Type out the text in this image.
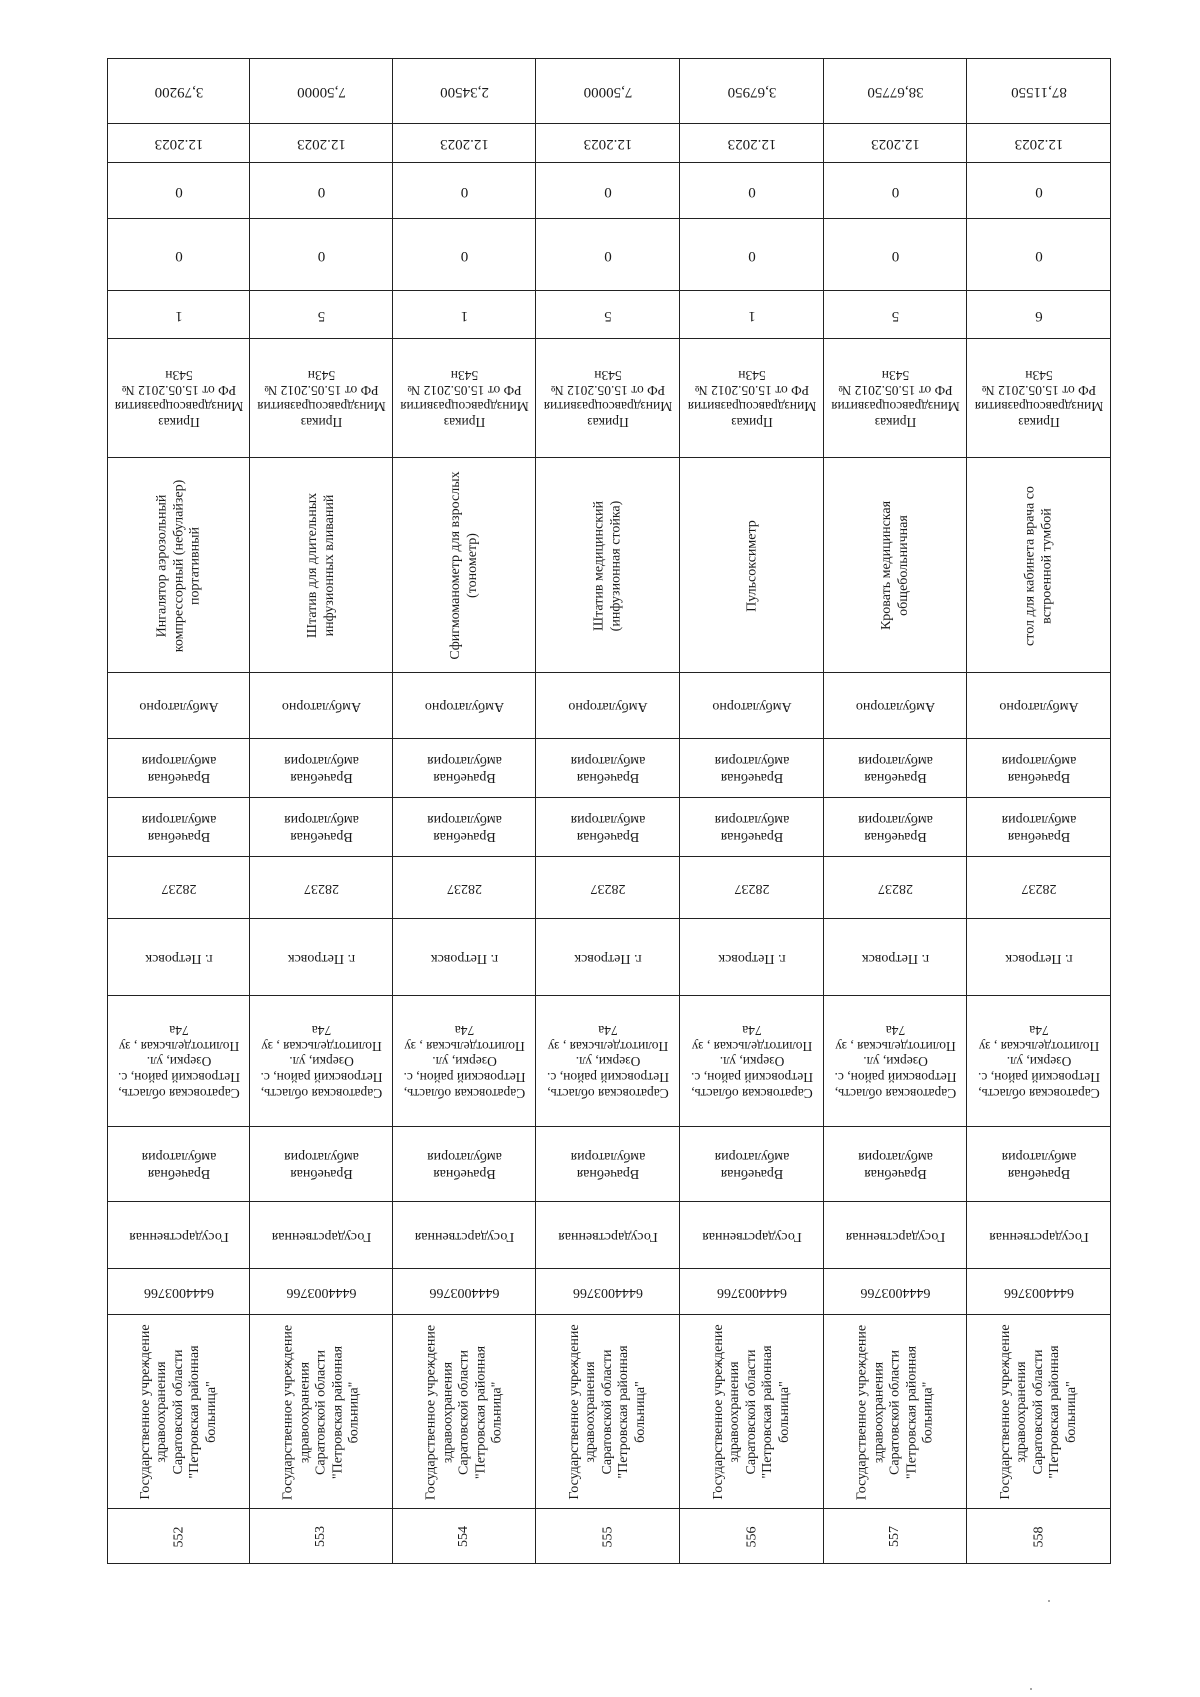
3,79200
12.2023
0
0
1
Приказ Минздравсоцразвития РФ от 15.05.2012 № 543н
Ингалятор аэрозольный компрессорный (небулайзер) портативный
Амбулаторно
Врачебная амбулатория
Врачебная амбулатория
28237
г. Петровск
Саратовская область, Петровский район, с. Озерки, ул. Политотдельская , зу 74а
Врачебная амбулатория
Государственная
6444003766
Государственное учреждение здравоохранения Саратовской области "Петровская районная больница"
552
7,50000
12.2023
0
0
5
Приказ Минздравсоцразвития РФ от 15.05.2012 № 543н
Штатив для длительных инфузионных вливаний
Амбулаторно
Врачебная амбулатория
Врачебная амбулатория
28237
г. Петровск
Саратовская область, Петровский район, с. Озерки, ул. Политотдельская , зу 74а
Врачебная амбулатория
Государственная
6444003766
Государственное учреждение здравоохранения Саратовской области "Петровская районная больница"
553
2,34500
12.2023
0
0
1
Приказ Минздравсоцразвития РФ от 15.05.2012 № 543н
Сфигмоманометр для взрослых (тонометр)
Амбулаторно
Врачебная амбулатория
Врачебная амбулатория
28237
г. Петровск
Саратовская область, Петровский район, с. Озерки, ул. Политотдельская , зу 74а
Врачебная амбулатория
Государственная
6444003766
Государственное учреждение здравоохранения Саратовской области "Петровская районная больница"
554
7,50000
12.2023
0
0
5
Приказ Минздравсоцразвития РФ от 15.05.2012 № 543н
Штатив медицинский (инфузионная стойка)
Амбулаторно
Врачебная амбулатория
Врачебная амбулатория
28237
г. Петровск
Саратовская область, Петровский район, с. Озерки, ул. Политотдельская , зу 74а
Врачебная амбулатория
Государственная
6444003766
Государственное учреждение здравоохранения Саратовской области "Петровская районная больница"
555
3,67950
12.2023
0
0
1
Приказ Минздравсоцразвития РФ от 15.05.2012 № 543н
Пульсоксиметр
Амбулаторно
Врачебная амбулатория
Врачебная амбулатория
28237
г. Петровск
Саратовская область, Петровский район, с. Озерки, ул. Политотдельская , зу 74а
Врачебная амбулатория
Государственная
6444003766
Государственное учреждение здравоохранения Саратовской области "Петровская районная больница"
556
38,67750
12.2023
0
0
5
Приказ Минздравсоцразвития РФ от 15.05.2012 № 543н
Кровать медицинская общебольничная
Амбулаторно
Врачебная амбулатория
Врачебная амбулатория
28237
г. Петровск
Саратовская область, Петровский район, с. Озерки, ул. Политотдельская , зу 74а
Врачебная амбулатория
Государственная
6444003766
Государственное учреждение здравоохранения Саратовской области "Петровская районная больница"
557
87,11550
12.2023
0
0
6
Приказ Минздравсоцразвития РФ от 15.05.2012 № 543н
стол для кабинета врача со встроенной тумбой
Амбулаторно
Врачебная амбулатория
Врачебная амбулатория
28237
г. Петровск
Саратовская область, Петровский район, с. Озерки, ул. Политотдельская , зу 74а
Врачебная амбулатория
Государственная
6444003766
Государственное учреждение здравоохранения Саратовской области "Петровская районная больница"
558
